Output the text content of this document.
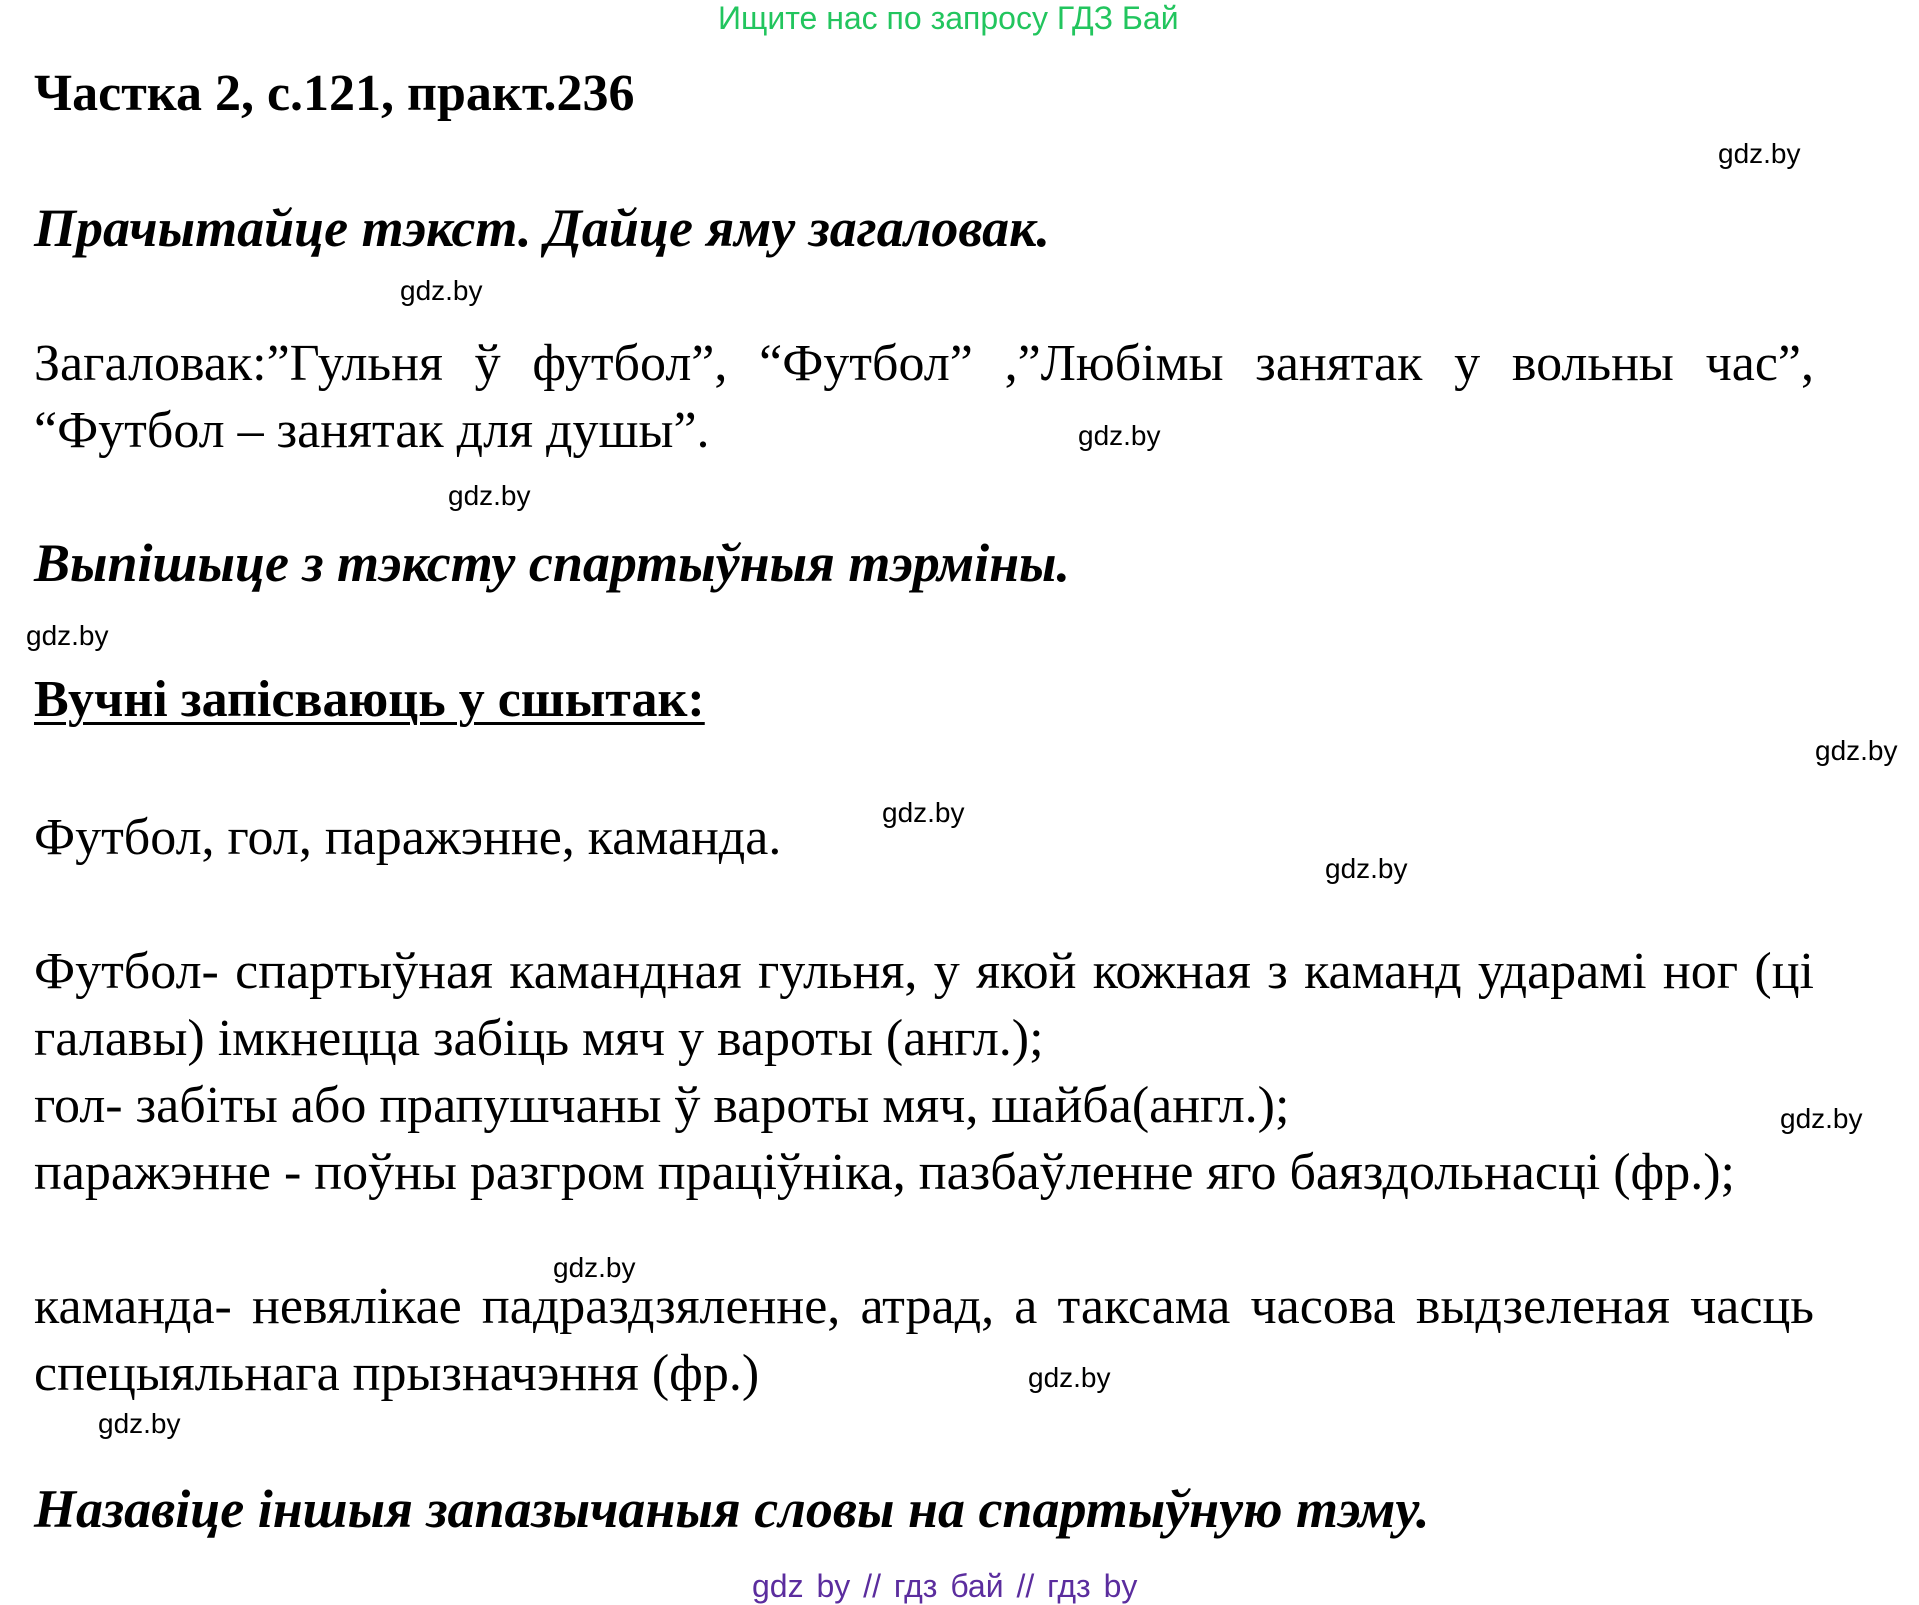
Ищите нас по запросу ГДЗ Бай
Частка 2, с.121, практ.236
gdz.by
Прачытайце тэкст. Дайце яму загаловак.
gdz.by
Загаловак:”Гульня ў футбол”, “Футбол” ,”Любімы занятак у вольны час”, “Футбол – занятак для душы”.	gdz.by
gdz.by
Выпішыце з тэксту спартыўныя тэрміны.
gdz.by
Вучні запісваюць у сшытак:
gdz.by
Футбол, гол, паражэнне, каманда.	gdz.by
gdz.by
Футбол- спартыўная камандная гульня, у якой кожная з каманд ударамі ног (ці галавы) імкнецца забіць мяч у вароты (англ.);
гол- забіты або прапушчаны ў вароты мяч, шайба(англ.);	gdz.by
паражэнне - поўны разгром праціўніка, пазбаўленне яго баяздольнасці (фр.);
gdz.by
каманда- невялікае падраздзяленне, атрад, а таксама часова выдзеленая часць спецыяльнага прызначэння (фр.)	gdz.by
gdz.by
Назавіце іншыя запазычаныя словы на спартыўную тэму.
gdz by // гдз бай // гдз by
